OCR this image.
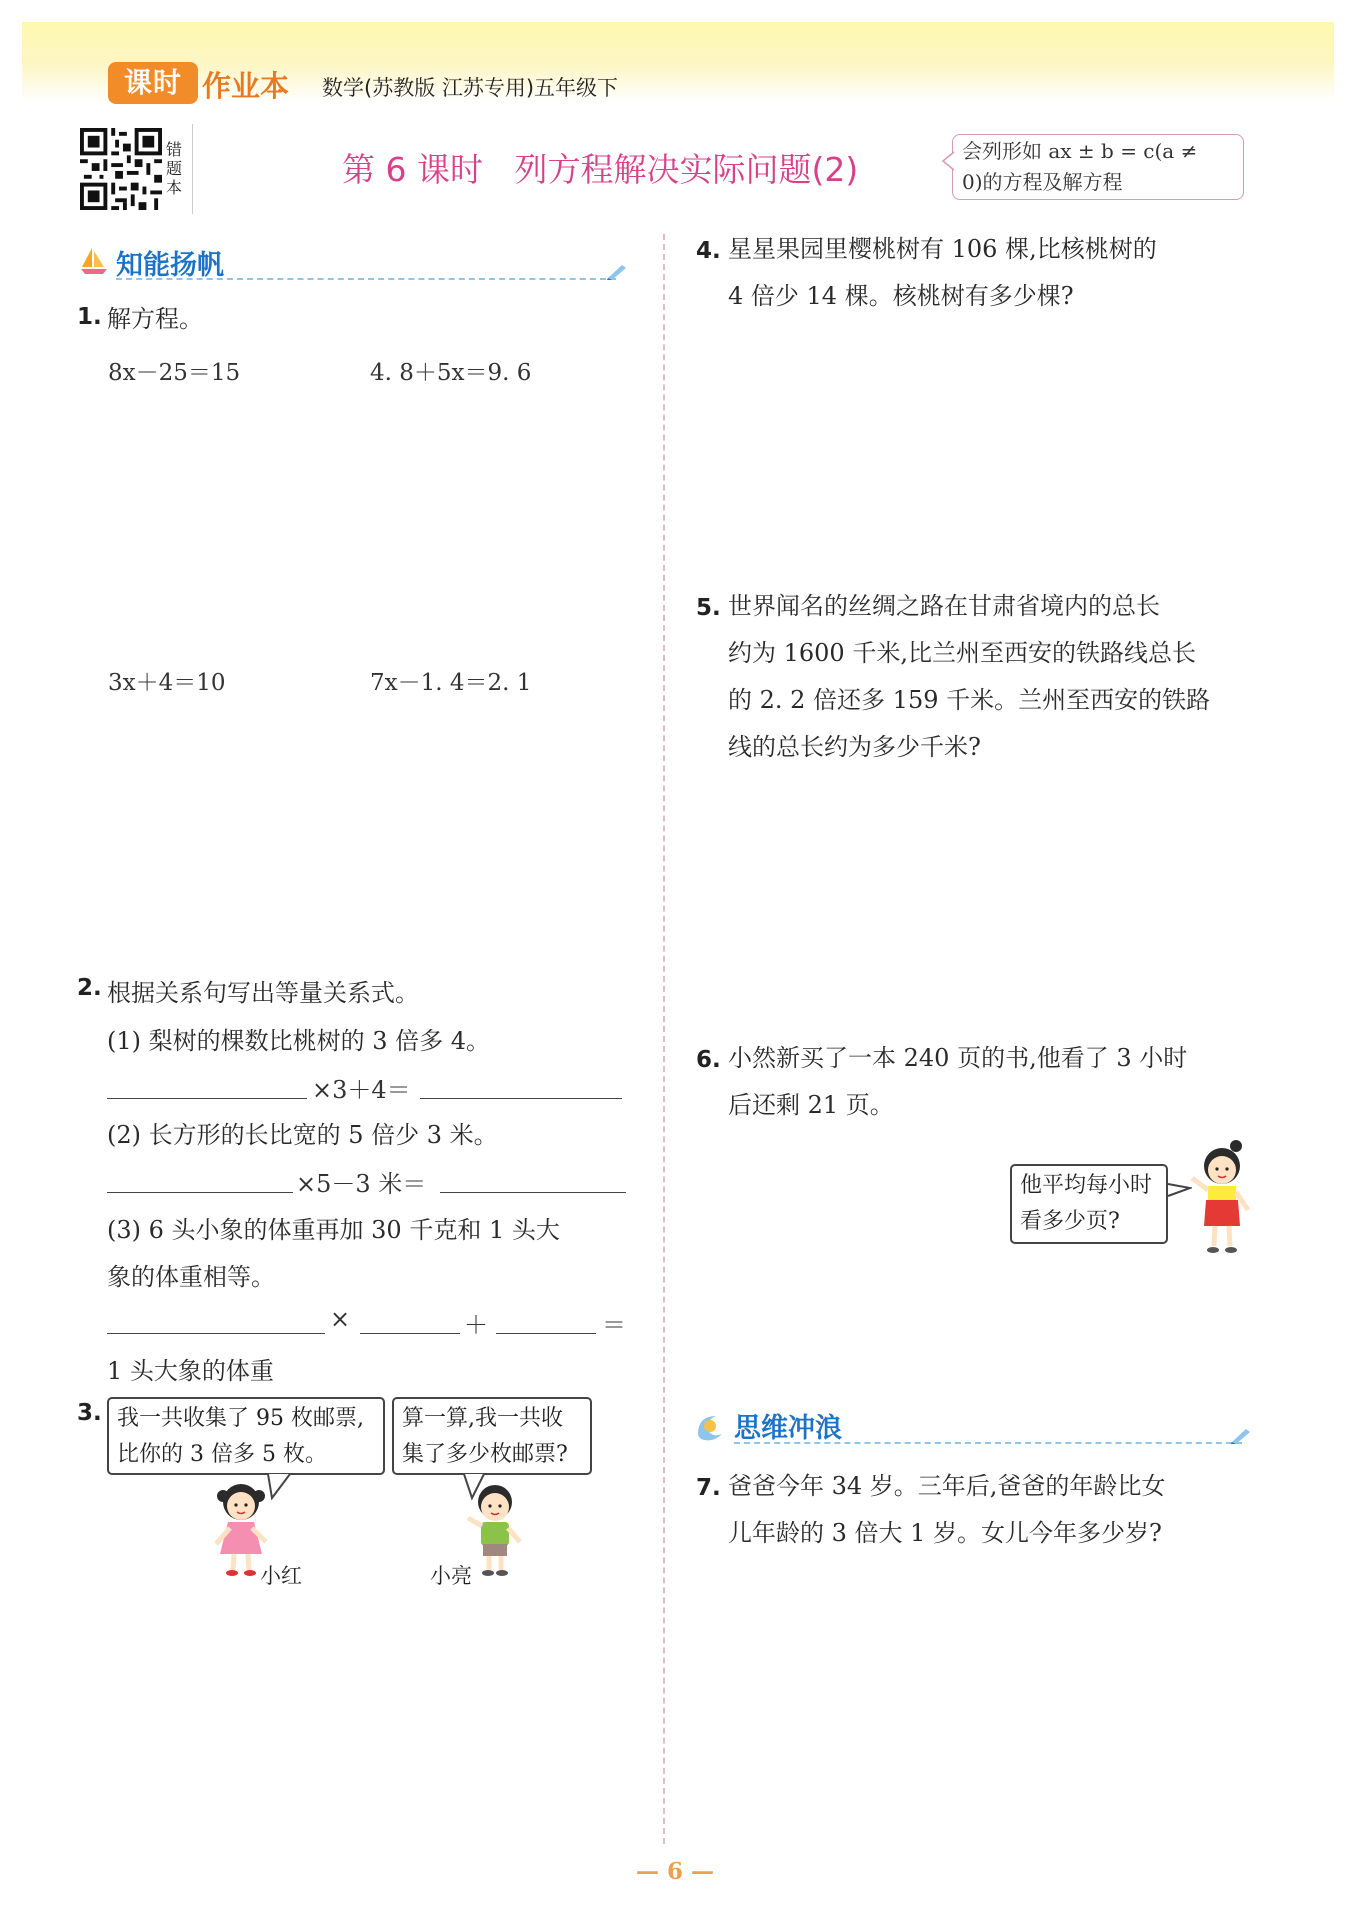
课时 作业本 数学(苏教版 江苏专用)五年级下
错题本	第 6 课时   列方程解决实际问题(2)	会列形如 ax ± b = c(a ≠
0)的方程及解方程
知能扬帆
1. 解方程。
8x－25＝15	4. 8＋5x＝9. 6
3x＋4＝10	7x－1. 4＝2. 1
2. 根据关系句写出等量关系式。
(1) 梨树的棵数比桃树的 3 倍多 4。
×3＋4＝
(2) 长方形的长比宽的 5 倍少 3 米。
×5－3 米＝
(3) 6 头小象的体重再加 30 千克和 1 头大
象的体重相等。
×	＋	＝
1 头大象的体重
3. 我一共收集了 95 枚邮票,
比你的 3 倍多 5 枚。
算一算,我一共收
集了多少枚邮票?
小红	小亮
4. 星星果园里樱桃树有 106 棵,比核桃树的
4 倍少 14 棵。核桃树有多少棵?
5. 世界闻名的丝绸之路在甘肃省境内的总长
约为 1600 千米,比兰州至西安的铁路线总长
的 2. 2 倍还多 159 千米。兰州至西安的铁路
线的总长约为多少千米?
6. 小然新买了一本 240 页的书,他看了 3 小时
后还剩 21 页。
他平均每小时
看多少页?
思维冲浪
7. 爸爸今年 34 岁。三年后,爸爸的年龄比女
儿年龄的 3 倍大 1 岁。女儿今年多少岁?
— 6 —
